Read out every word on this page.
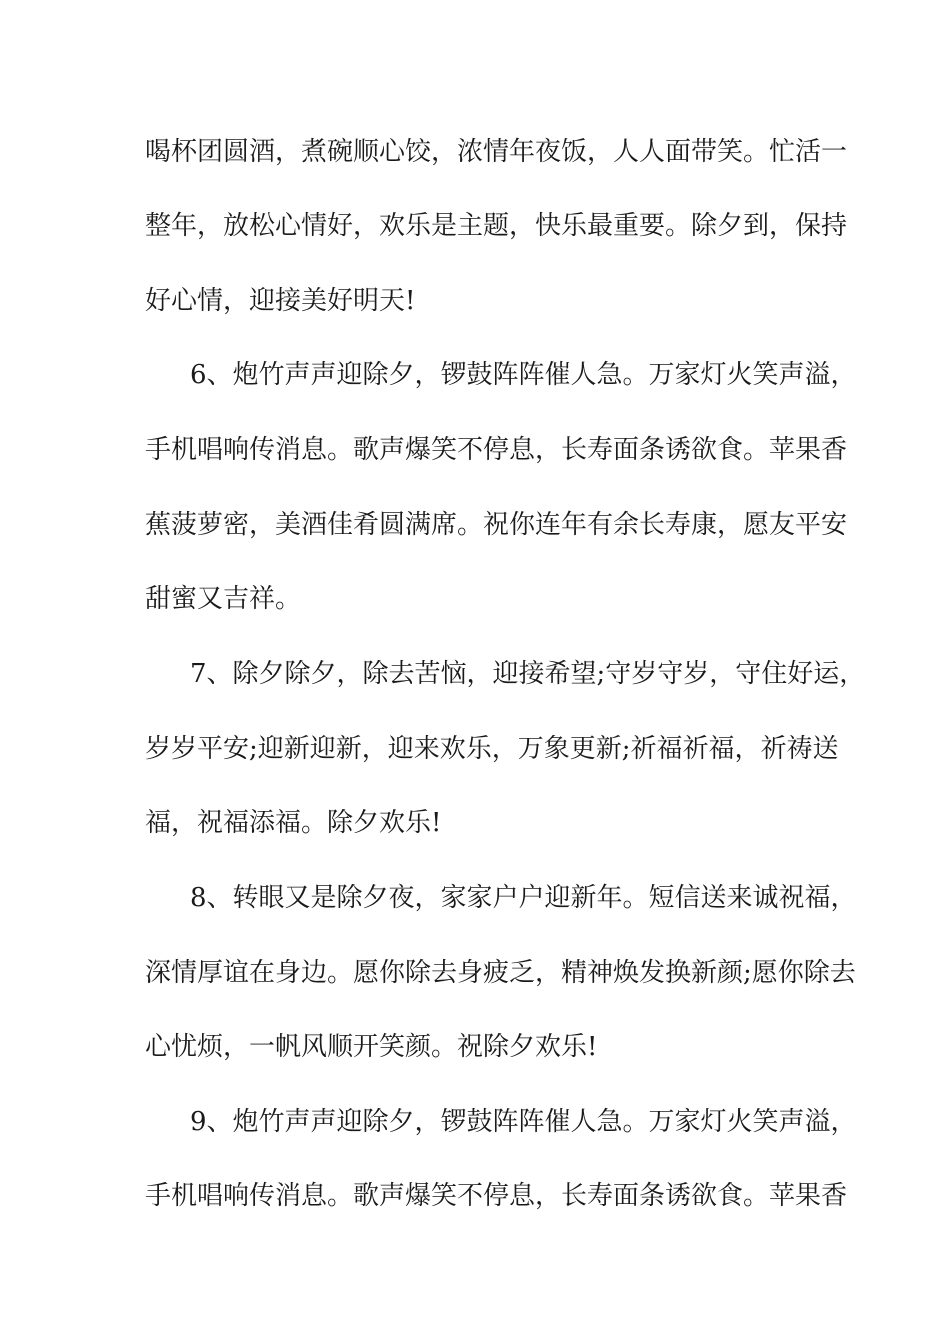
喝杯团圆酒，煮碗顺心饺，浓情年夜饭，人人面带笑。忙活一
整年，放松心情好，欢乐是主题，快乐最重要。除夕到，保持
好心情，迎接美好明天!
6、炮竹声声迎除夕，锣鼓阵阵催人急。万家灯火笑声溢，
手机唱响传消息。歌声爆笑不停息，长寿面条诱欲食。苹果香
蕉菠萝密，美酒佳肴圆满席。祝你连年有余长寿康，愿友平安
甜蜜又吉祥。
7、除夕除夕，除去苦恼，迎接希望;守岁守岁，守住好运，
岁岁平安;迎新迎新，迎来欢乐，万象更新;祈福祈福，祈祷送
福，祝福添福。除夕欢乐!
8、转眼又是除夕夜，家家户户迎新年。短信送来诚祝福，
深情厚谊在身边。愿你除去身疲乏，精神焕发换新颜;愿你除去
心忧烦，一帆风顺开笑颜。祝除夕欢乐!
9、炮竹声声迎除夕，锣鼓阵阵催人急。万家灯火笑声溢，
手机唱响传消息。歌声爆笑不停息，长寿面条诱欲食。苹果香
